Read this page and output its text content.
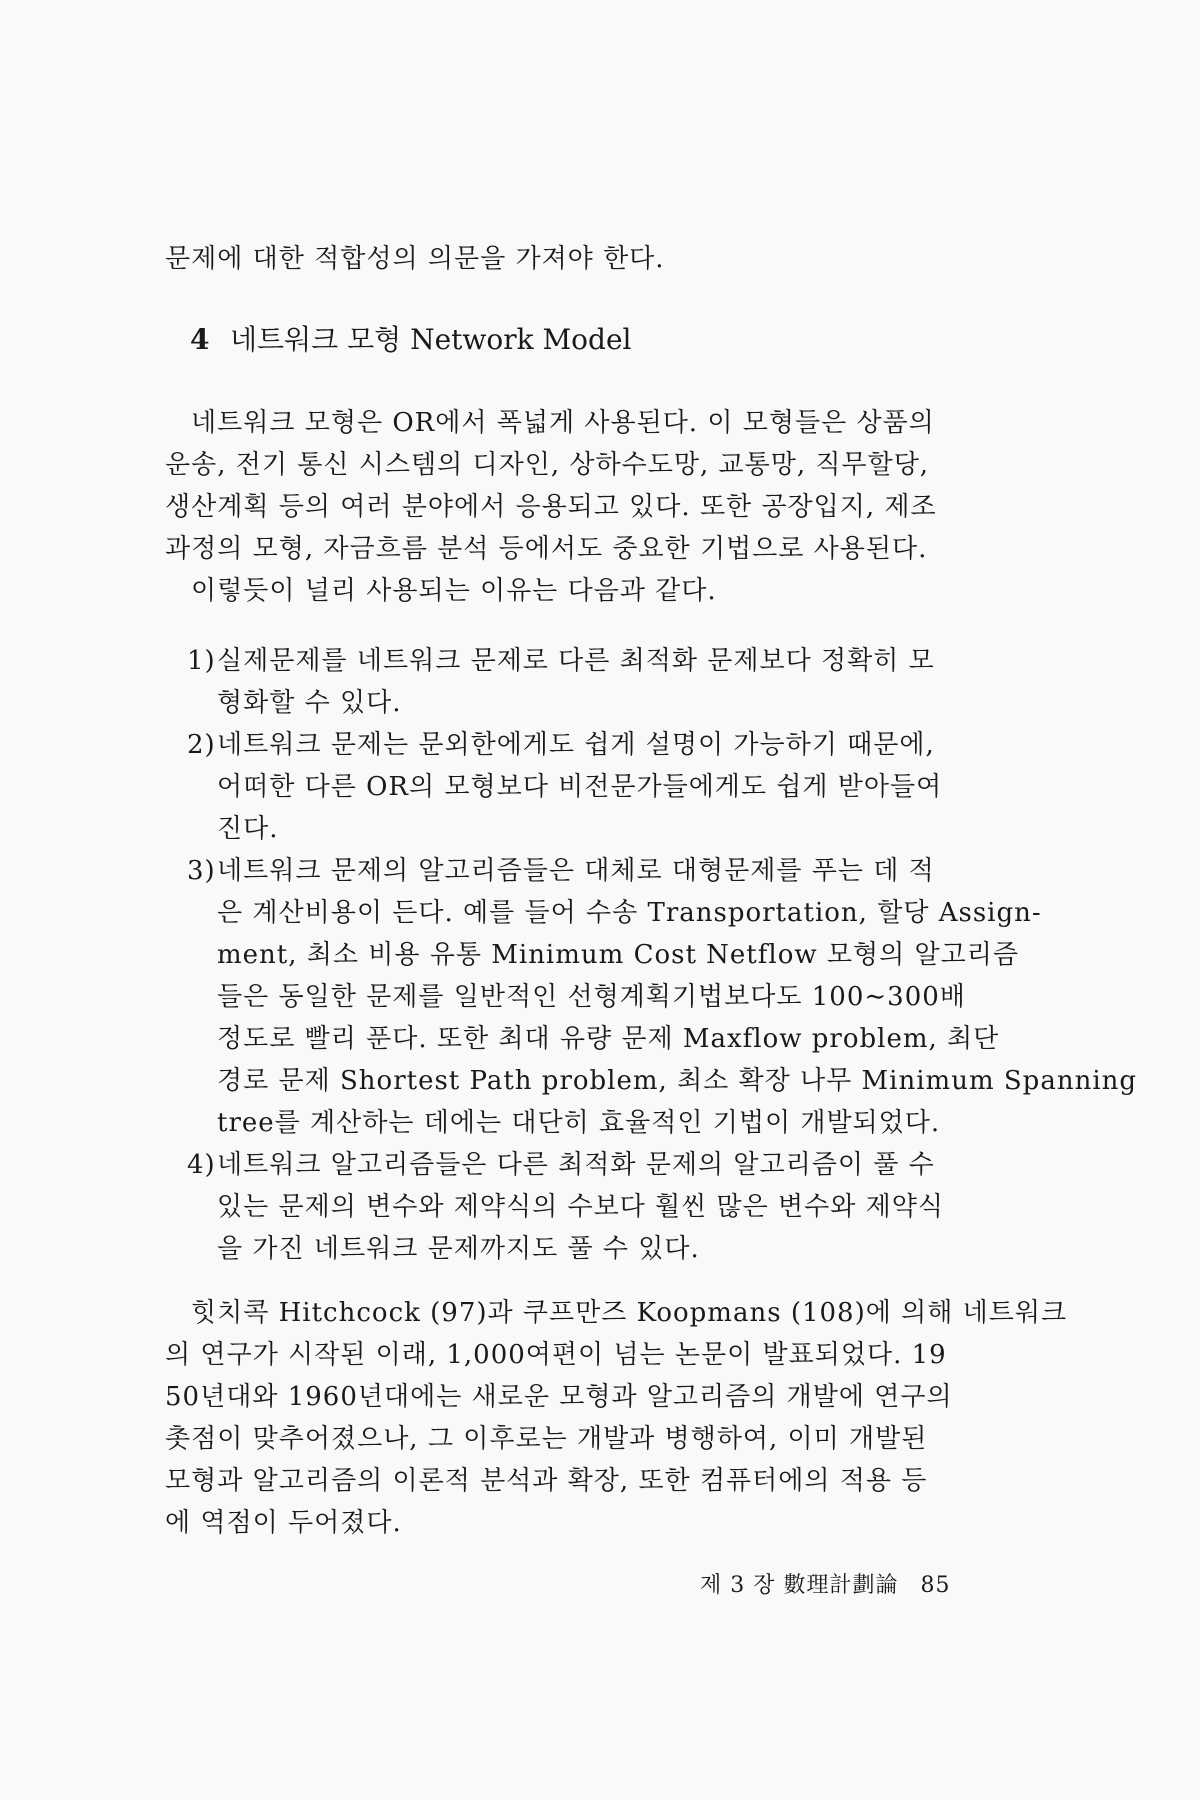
문제에 대한 적합성의 의문을 가져야 한다.
4 네트워크 모형 Network Model
네트워크 모형은 OR에서 폭넓게 사용된다. 이 모형들은 상품의
운송, 전기 통신 시스템의 디자인, 상하수도망, 교통망, 직무할당,
생산계획 등의 여러 분야에서 응용되고 있다. 또한 공장입지, 제조
과정의 모형, 자금흐름 분석 등에서도 중요한 기법으로 사용된다.
이렇듯이 널리 사용되는 이유는 다음과 같다.
1) 실제문제를 네트워크 문제로 다른 최적화 문제보다 정확히 모
형화할 수 있다.
2) 네트워크 문제는 문외한에게도 쉽게 설명이 가능하기 때문에,
어떠한 다른 OR의 모형보다 비전문가들에게도 쉽게 받아들여
진다.
3) 네트워크 문제의 알고리즘들은 대체로 대형문제를 푸는 데 적
은 계산비용이 든다. 예를 들어 수송 Transportation, 할당 Assign-
ment, 최소 비용 유통 Minimum Cost Netflow 모형의 알고리즘
들은 동일한 문제를 일반적인 선형계획기법보다도 100∼300배
정도로 빨리 푼다. 또한 최대 유량 문제 Maxflow problem, 최단
경로 문제 Shortest Path problem, 최소 확장 나무 Minimum Spanning
tree를 계산하는 데에는 대단히 효율적인 기법이 개발되었다.
4) 네트워크 알고리즘들은 다른 최적화 문제의 알고리즘이 풀 수
있는 문제의 변수와 제약식의 수보다 훨씬 많은 변수와 제약식
을 가진 네트워크 문제까지도 풀 수 있다.
힛치콕 Hitchcock (97)과 쿠프만즈 Koopmans (108)에 의해 네트워크
의 연구가 시작된 이래, 1,000여편이 넘는 논문이 발표되었다. 19
50년대와 1960년대에는 새로운 모형과 알고리즘의 개발에 연구의
촛점이 맞추어졌으나, 그 이후로는 개발과 병행하여, 이미 개발된
모형과 알고리즘의 이론적 분석과 확장, 또한 컴퓨터에의 적용 등
에 역점이 두어졌다.
제 3 장 數理計劃論 85
